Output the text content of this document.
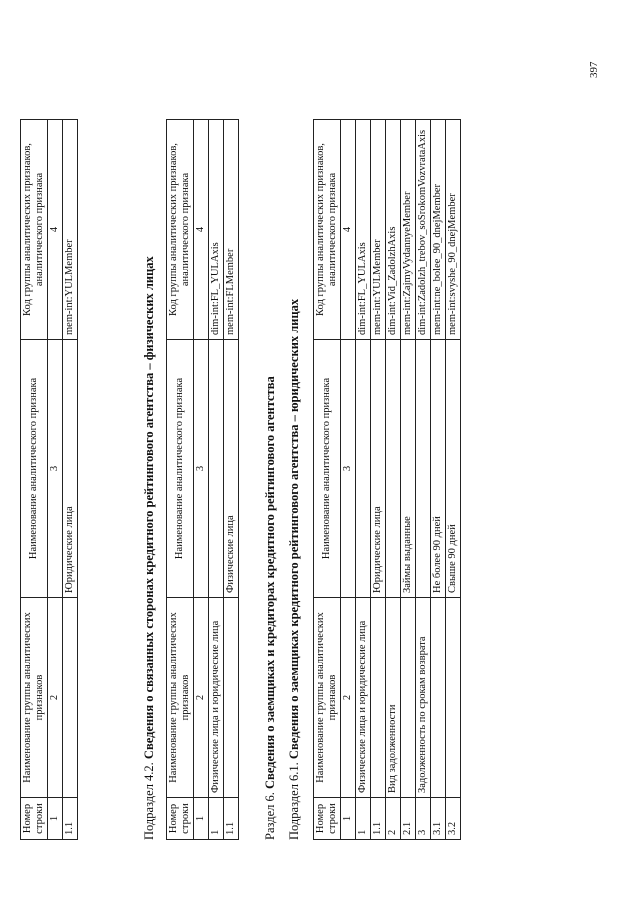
397
Номер строки	Наименование группы аналитических признаков	Наименование аналитического признака	Код группы аналитических признаков, аналитического признака
1	2	3	4
1.1		Юридические лица	mem-int:YULMember
Подраздел 4.2. Сведения о связанных сторонах кредитного рейтингового агентства – физических лицах
Номер строки	Наименование группы аналитических признаков	Наименование аналитического признака	Код группы аналитических признаков, аналитического признака
1	2	3	4
1	Физические лица и юридические лица		dim-int:FL_YULAxis
1.1		Физические лица	mem-int:FLMember
Раздел 6. Сведения о заемщиках и кредиторах кредитного рейтингового агентства
Подраздел 6.1. Сведения о заемщиках кредитного рейтингового агентства – юридических лицах
Номер строки	Наименование группы аналитических признаков	Наименование аналитического признака	Код группы аналитических признаков, аналитического признака
1	2	3	4
1	Физические лица и юридические лица		dim-int:FL_YULAxis
1.1		Юридические лица	mem-int:YULMember
2	Вид задолженности		dim-int:Vid_ZadolzhAxis
2.1		Займы выданные	mem-int:ZajmyVydannyeMember
3	Задолженность по срокам возврата		dim-int:Zadolzh_trebov_soSrokomVozvrataAxis
3.1		Не более 90 дней	mem-int:ne_bolee_90_dnejMember
3.2		Свыше 90 дней	mem-int:svyshe_90_dnejMember
